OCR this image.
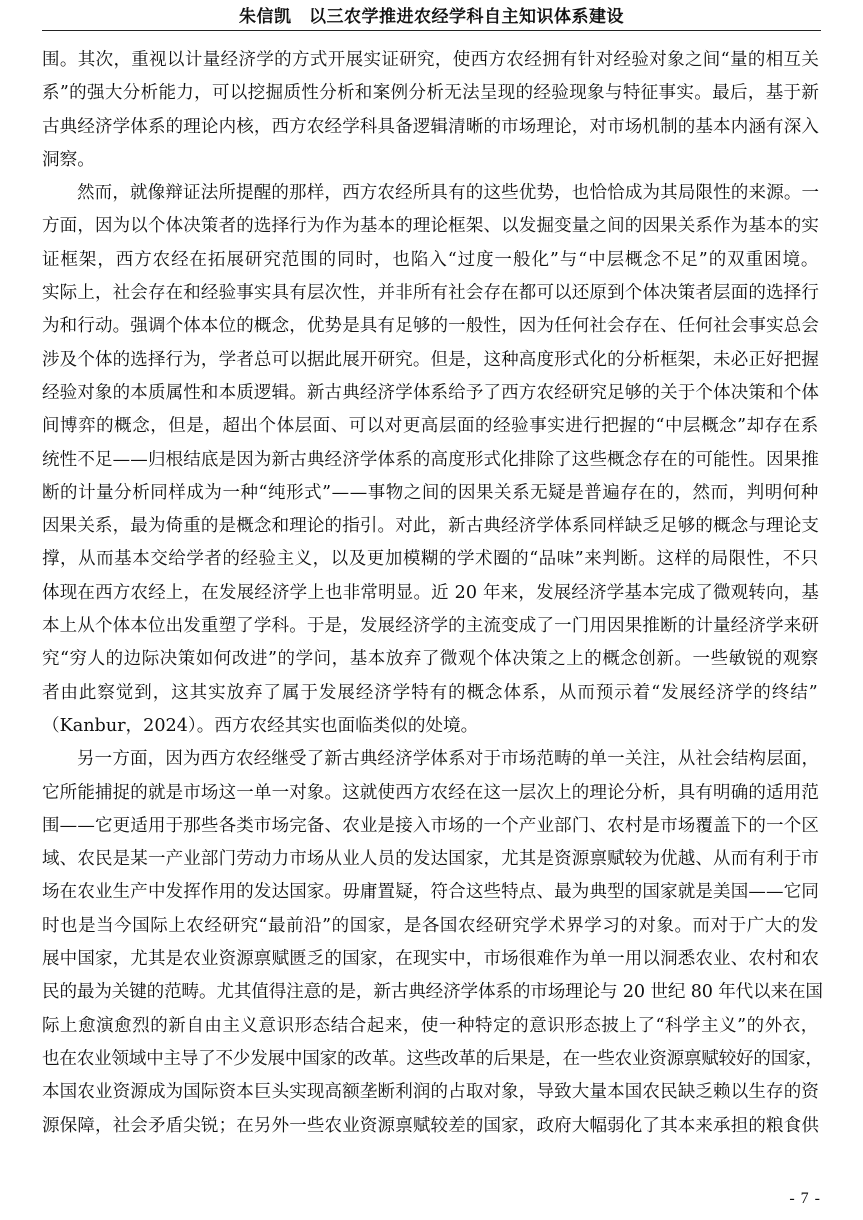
朱信凯　以三农学推进农经学科自主知识体系建设
围。其次，重视以计量经济学的方式开展实证研究，使西方农经拥有针对经验对象之间“量的相互关
系”的强大分析能力，可以挖掘质性分析和案例分析无法呈现的经验现象与特征事实。最后，基于新
古典经济学体系的理论内核，西方农经学科具备逻辑清晰的市场理论，对市场机制的基本内涵有深入
洞察。
然而，就像辩证法所提醒的那样，西方农经所具有的这些优势，也恰恰成为其局限性的来源。一
方面，因为以个体决策者的选择行为作为基本的理论框架、以发掘变量之间的因果关系作为基本的实
证框架，西方农经在拓展研究范围的同时，也陷入“过度一般化”与“中层概念不足”的双重困境。
实际上，社会存在和经验事实具有层次性，并非所有社会存在都可以还原到个体决策者层面的选择行
为和行动。强调个体本位的概念，优势是具有足够的一般性，因为任何社会存在、任何社会事实总会
涉及个体的选择行为，学者总可以据此展开研究。但是，这种高度形式化的分析框架，未必正好把握
经验对象的本质属性和本质逻辑。新古典经济学体系给予了西方农经研究足够的关于个体决策和个体
间博弈的概念，但是，超出个体层面、可以对更高层面的经验事实进行把握的“中层概念”却存在系
统性不足——归根结底是因为新古典经济学体系的高度形式化排除了这些概念存在的可能性。因果推
断的计量分析同样成为一种“纯形式”——事物之间的因果关系无疑是普遍存在的，然而，判明何种
因果关系，最为倚重的是概念和理论的指引。对此，新古典经济学体系同样缺乏足够的概念与理论支
撑，从而基本交给学者的经验主义，以及更加模糊的学术圈的“品味”来判断。这样的局限性，不只
体现在西方农经上，在发展经济学上也非常明显。近 20 年来，发展经济学基本完成了微观转向，基
本上从个体本位出发重塑了学科。于是，发展经济学的主流变成了一门用因果推断的计量经济学来研
究“穷人的边际决策如何改进”的学问，基本放弃了微观个体决策之上的概念创新。一些敏锐的观察
者由此察觉到，这其实放弃了属于发展经济学特有的概念体系，从而预示着“发展经济学的终结”
（Kanbur，2024）。西方农经其实也面临类似的处境。
另一方面，因为西方农经继受了新古典经济学体系对于市场范畴的单一关注，从社会结构层面，
它所能捕捉的就是市场这一单一对象。这就使西方农经在这一层次上的理论分析，具有明确的适用范
围——它更适用于那些各类市场完备、农业是接入市场的一个产业部门、农村是市场覆盖下的一个区
域、农民是某一产业部门劳动力市场从业人员的发达国家，尤其是资源禀赋较为优越、从而有利于市
场在农业生产中发挥作用的发达国家。毋庸置疑，符合这些特点、最为典型的国家就是美国——它同
时也是当今国际上农经研究“最前沿”的国家，是各国农经研究学术界学习的对象。而对于广大的发
展中国家，尤其是农业资源禀赋匮乏的国家，在现实中，市场很难作为单一用以洞悉农业、农村和农
民的最为关键的范畴。尤其值得注意的是，新古典经济学体系的市场理论与 20 世纪 80 年代以来在国
际上愈演愈烈的新自由主义意识形态结合起来，使一种特定的意识形态披上了“科学主义”的外衣，
也在农业领域中主导了不少发展中国家的改革。这些改革的后果是，在一些农业资源禀赋较好的国家，
本国农业资源成为国际资本巨头实现高额垄断利润的占取对象，导致大量本国农民缺乏赖以生存的资
源保障，社会矛盾尖锐；在另外一些农业资源禀赋较差的国家，政府大幅弱化了其本来承担的粮食供
- 7 -
